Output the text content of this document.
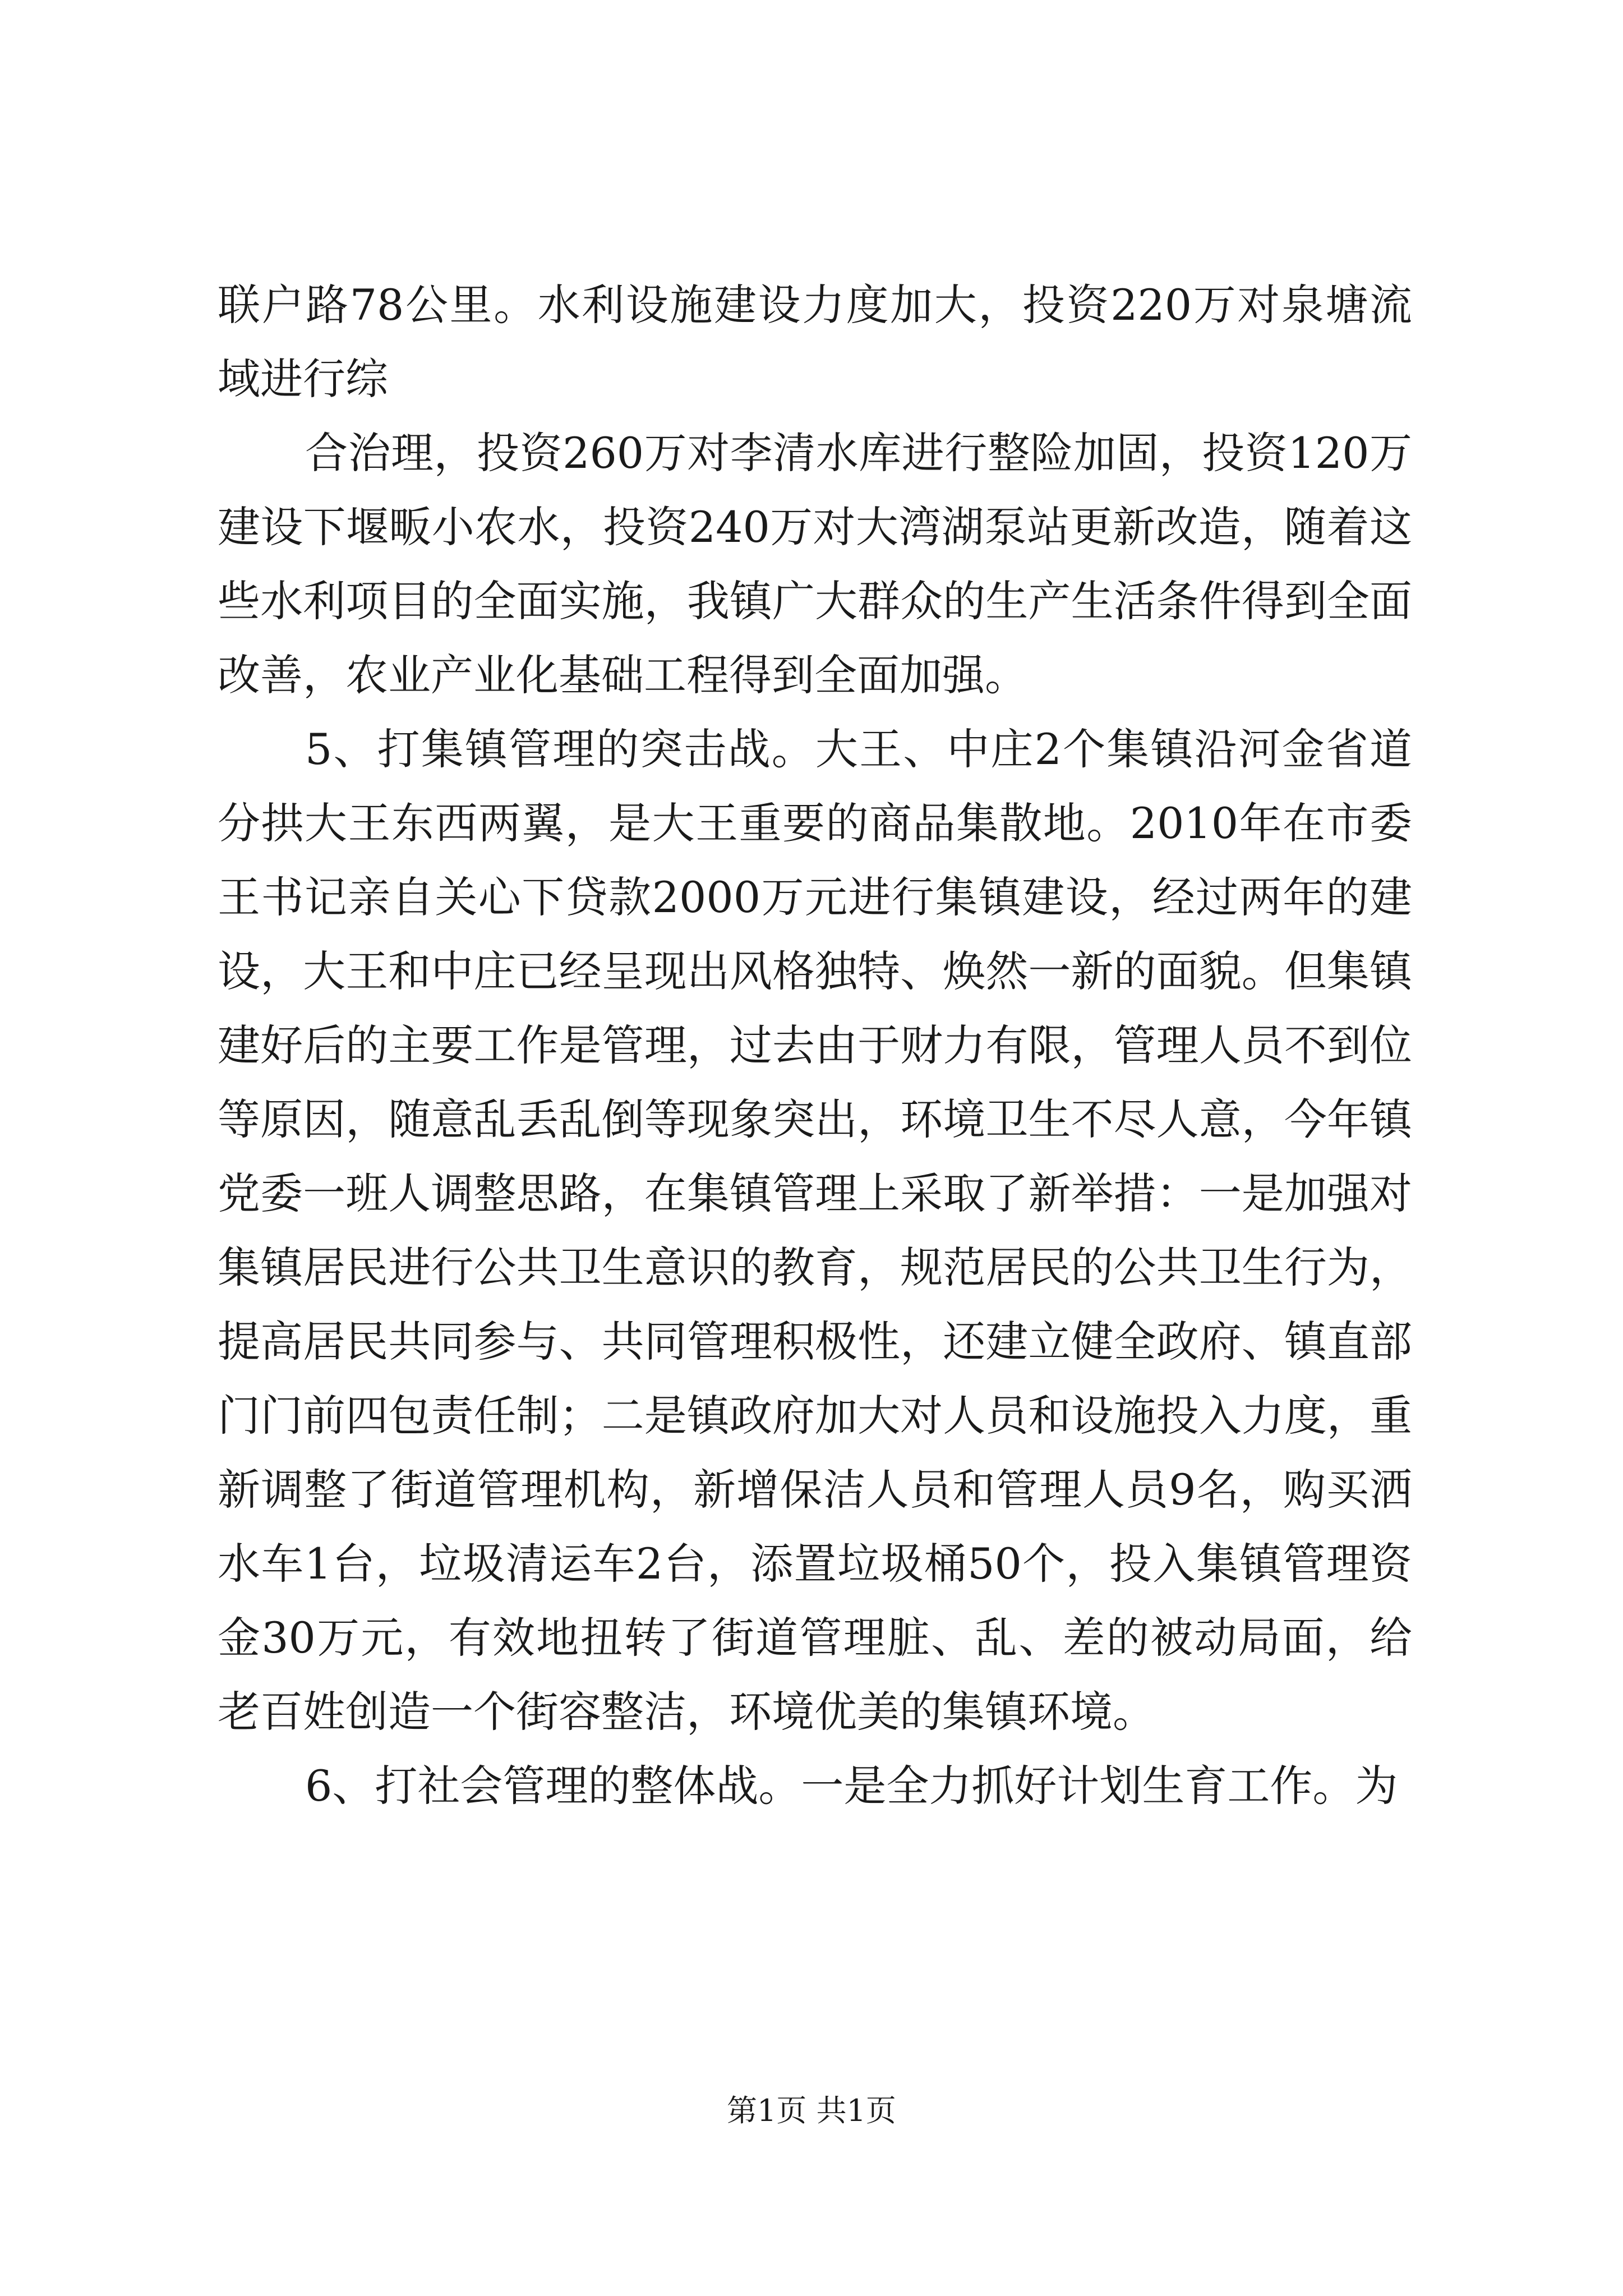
联户路78公里。水利设施建设力度加大，投资220万对泉塘流域进行综

合治理，投资260万对李清水库进行整险加固，投资120万建设下堰畈小农水，投资240万对大湾湖泵站更新改造，随着这些水利项目的全面实施，我镇广大群众的生产生活条件得到全面改善，农业产业化基础工程得到全面加强。

5、打集镇管理的突击战。大王、中庄2个集镇沿河金省道分拱大王东西两翼，是大王重要的商品集散地。2010年在市委王书记亲自关心下贷款2000万元进行集镇建设，经过两年的建设，大王和中庄已经呈现出风格独特、焕然一新的面貌。但集镇建好后的主要工作是管理，过去由于财力有限，管理人员不到位等原因，随意乱丢乱倒等现象突出，环境卫生不尽人意，今年镇党委一班人调整思路，在集镇管理上采取了新举措：一是加强对集镇居民进行公共卫生意识的教育，规范居民的公共卫生行为，提高居民共同参与、共同管理积极性，还建立健全政府、镇直部门门前四包责任制；二是镇政府加大对人员和设施投入力度，重新调整了街道管理机构，新增保洁人员和管理人员9名，购买洒水车1台，垃圾清运车2台，添置垃圾桶50个，投入集镇管理资金30万元，有效地扭转了街道管理脏、乱、差的被动局面，给老百姓创造一个街容整洁，环境优美的集镇环境。

6、打社会管理的整体战。一是全力抓好计划生育工作。为

第1页 共1页
